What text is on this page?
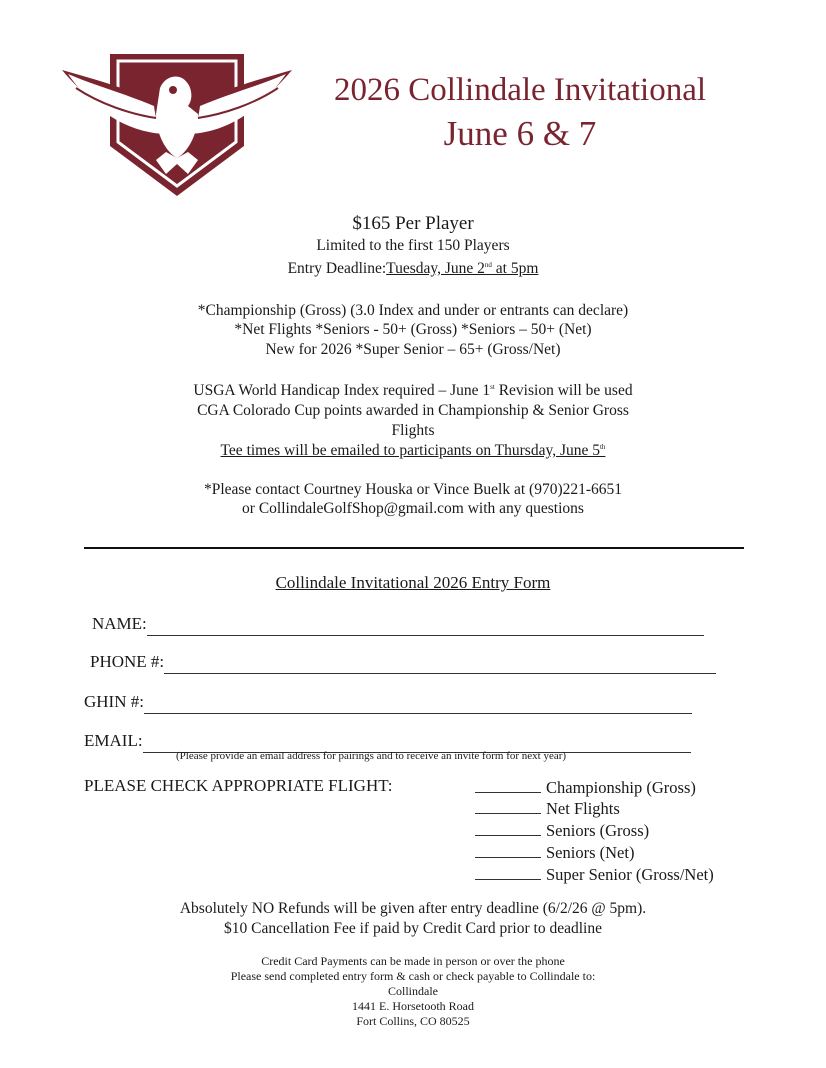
2026 Collindale Invitational
June 6 & 7
$165 Per Player
Limited to the first 150 Players
Entry Deadline:Tuesday, June 2nd at 5pm
*Championship (Gross) (3.0 Index and under or entrants can declare)
*Net Flights *Seniors - 50+ (Gross) *Seniors – 50+ (Net)
New for 2026 *Super Senior – 65+ (Gross/Net)
USGA World Handicap Index required – June 1st Revision will be used
CGA Colorado Cup points awarded in Championship & Senior Gross
Flights
Tee times will be emailed to participants on Thursday, June 5th
*Please contact Courtney Houska or Vince Buelk at (970)221-6651
or CollindaleGolfShop@gmail.com with any questions
Collindale Invitational 2026 Entry Form
NAME:
PHONE #:
GHIN #:
EMAIL:
(Please provide an email address for pairings and to receive an invite form for next year)
PLEASE CHECK APPROPRIATE FLIGHT:	Championship (Gross)
Net Flights
Seniors (Gross)
Seniors (Net)
Super Senior (Gross/Net)
Absolutely NO Refunds will be given after entry deadline (6/2/26 @ 5pm).
$10 Cancellation Fee if paid by Credit Card prior to deadline
Credit Card Payments can be made in person or over the phone
Please send completed entry form & cash or check payable to Collindale to:
Collindale
1441 E. Horsetooth Road
Fort Collins, CO 80525
